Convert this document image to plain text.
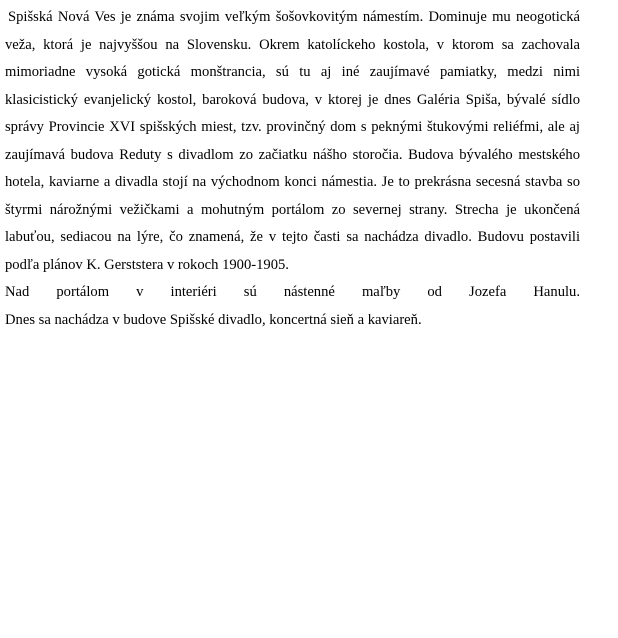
Spišská Nová Ves je známa svojim veľkým šošovkovitým námestím. Dominuje mu neogotická veža, ktorá je najvyššou na Slovensku. Okrem katolíckeho kostola, v ktorom sa zachovala mimoriadne vysoká gotická monštrancia, sú tu aj iné zaujímavé pamiatky, medzi nimi klasicistický evanjelický kostol, baroková budova, v ktorej je dnes Galéria Spiša, bývalé sídlo správy Provincie XVI spišských miest, tzv. provinčný dom s peknými štukovými reliéfmi, ale aj zaujímavá budova Reduty s divadlom zo začiatku nášho storočia. Budova bývalého mestského hotela, kaviarne a divadla stojí na východnom konci námestia. Je to prekrásna secesná stavba so štyrmi nárožnými vežičkami a mohutným portálom zo severnej strany. Strecha je ukončená labuťou, sediacou na lýre, čo znamená, že v tejto časti sa nachádza divadlo. Budovu postavili podľa plánov K. Gerststera v rokoch 1900-1905.

Nad portálom v interiéri sú nástenné maľby od Jozefa Hanulu.

Dnes sa nachádza v budove Spišské divadlo, koncertná sieň a kaviareň.
